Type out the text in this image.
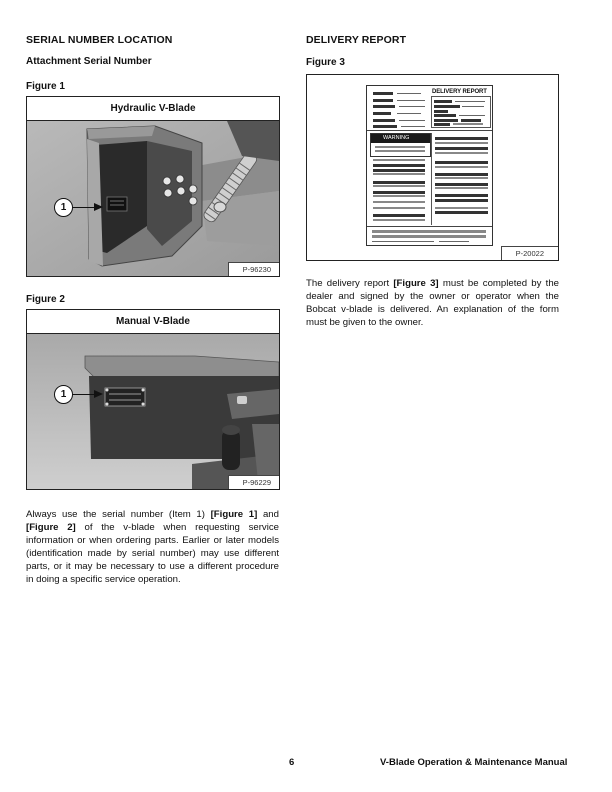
SERIAL NUMBER LOCATION
Attachment Serial Number
Figure 1
Hydraulic V-Blade
1
P-96230
Figure 2
Manual V-Blade
1
P-96229
Always use the serial number (Item 1) [Figure 1] and [Figure 2] of the v-blade when requesting service information or when ordering parts. Earlier or later models (identification made by serial number) may use different parts, or it may be necessary to use a different procedure in doing a specific service operation.
DELIVERY REPORT
Figure 3
DELIVERY REPORT
WARNING
P-20022
The delivery report [Figure 3] must be completed by the dealer and signed by the owner or operator when the Bobcat v-blade is delivered. An explanation of the form must be given to the owner.
6	V-Blade Operation & Maintenance Manual
